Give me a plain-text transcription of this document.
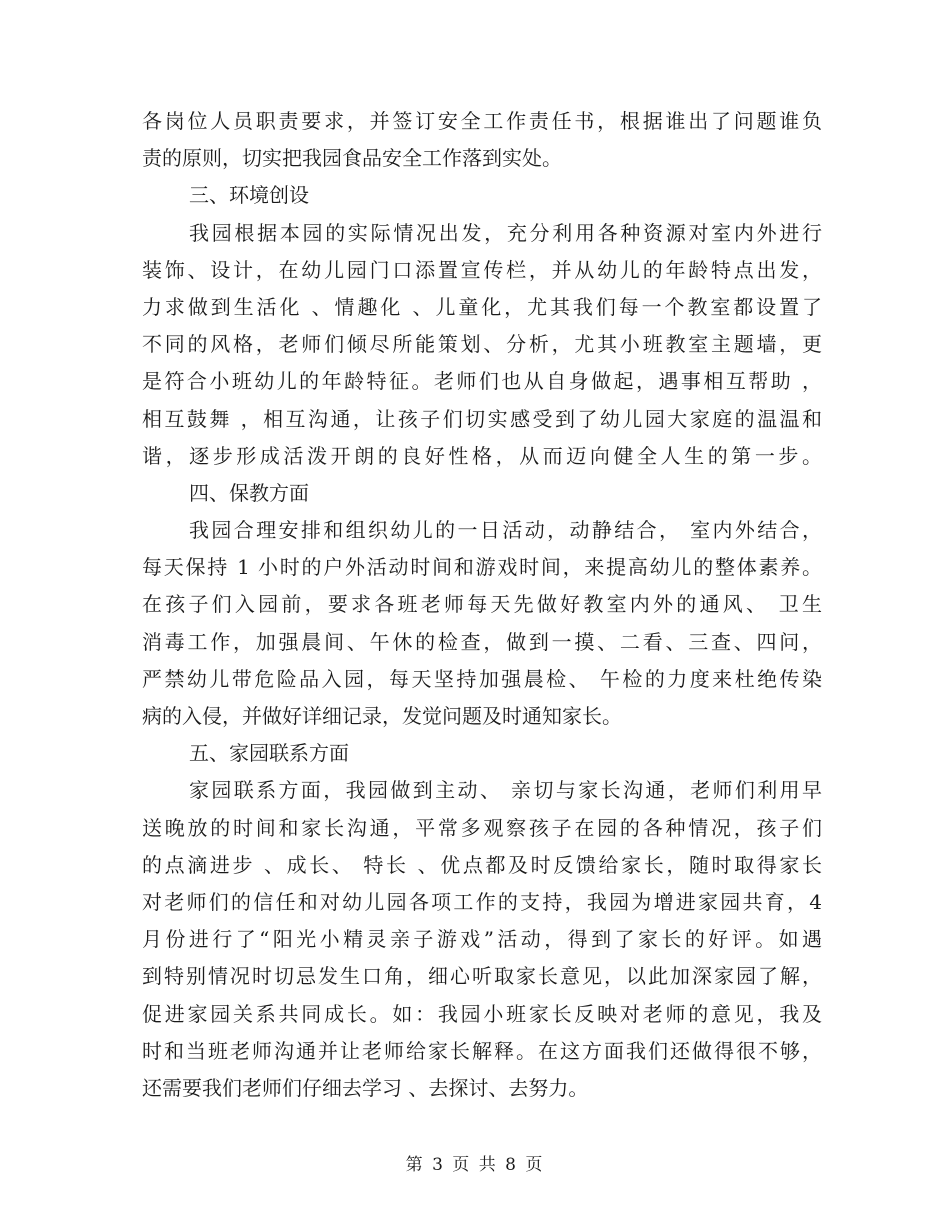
各岗位人员职责要求，并签订安全工作责任书，根据谁出了问题谁负
责的原则，切实把我园食品安全工作落到实处。
三、环境创设
我园根据本园的实际情况出发，充分利用各种资源对室内外进行
装饰、设计，在幼儿园门口添置宣传栏，并从幼儿的年龄特点出发，
力求做到生活化 、情趣化 、儿童化，尤其我们每一个教室都设置了
不同的风格，老师们倾尽所能策划、分析，尤其小班教室主题墙，更
是符合小班幼儿的年龄特征。老师们也从自身做起，遇事相互帮助 ，
相互鼓舞 ，相互沟通，让孩子们切实感受到了幼儿园大家庭的温温和
谐，逐步形成活泼开朗的良好性格，从而迈向健全人生的第一步。
四、保教方面
我园合理安排和组织幼儿的一日活动，动静结合， 室内外结合，
每天保持 1 小时的户外活动时间和游戏时间，来提高幼儿的整体素养。
在孩子们入园前，要求各班老师每天先做好教室内外的通风、 卫生
消毒工作，加强晨间、午休的检查，做到一摸、二看、三查、四问，
严禁幼儿带危险品入园，每天坚持加强晨检、 午检的力度来杜绝传染
病的入侵，并做好详细记录，发觉问题及时通知家长。
五、家园联系方面
家园联系方面，我园做到主动、 亲切与家长沟通，老师们利用早
送晚放的时间和家长沟通，平常多观察孩子在园的各种情况，孩子们
的点滴进步 、成长、 特长 、优点都及时反馈给家长，随时取得家长
对老师们的信任和对幼儿园各项工作的支持，我园为增进家园共育，4
月份进行了“阳光小精灵亲子游戏”活动，得到了家长的好评。如遇
到特别情况时切忌发生口角，细心听取家长意见，以此加深家园了解，
促进家园关系共同成长。如：我园小班家长反映对老师的意见，我及
时和当班老师沟通并让老师给家长解释。在这方面我们还做得很不够，
还需要我们老师们仔细去学习 、去探讨、去努力。
第 3 页 共 8 页
